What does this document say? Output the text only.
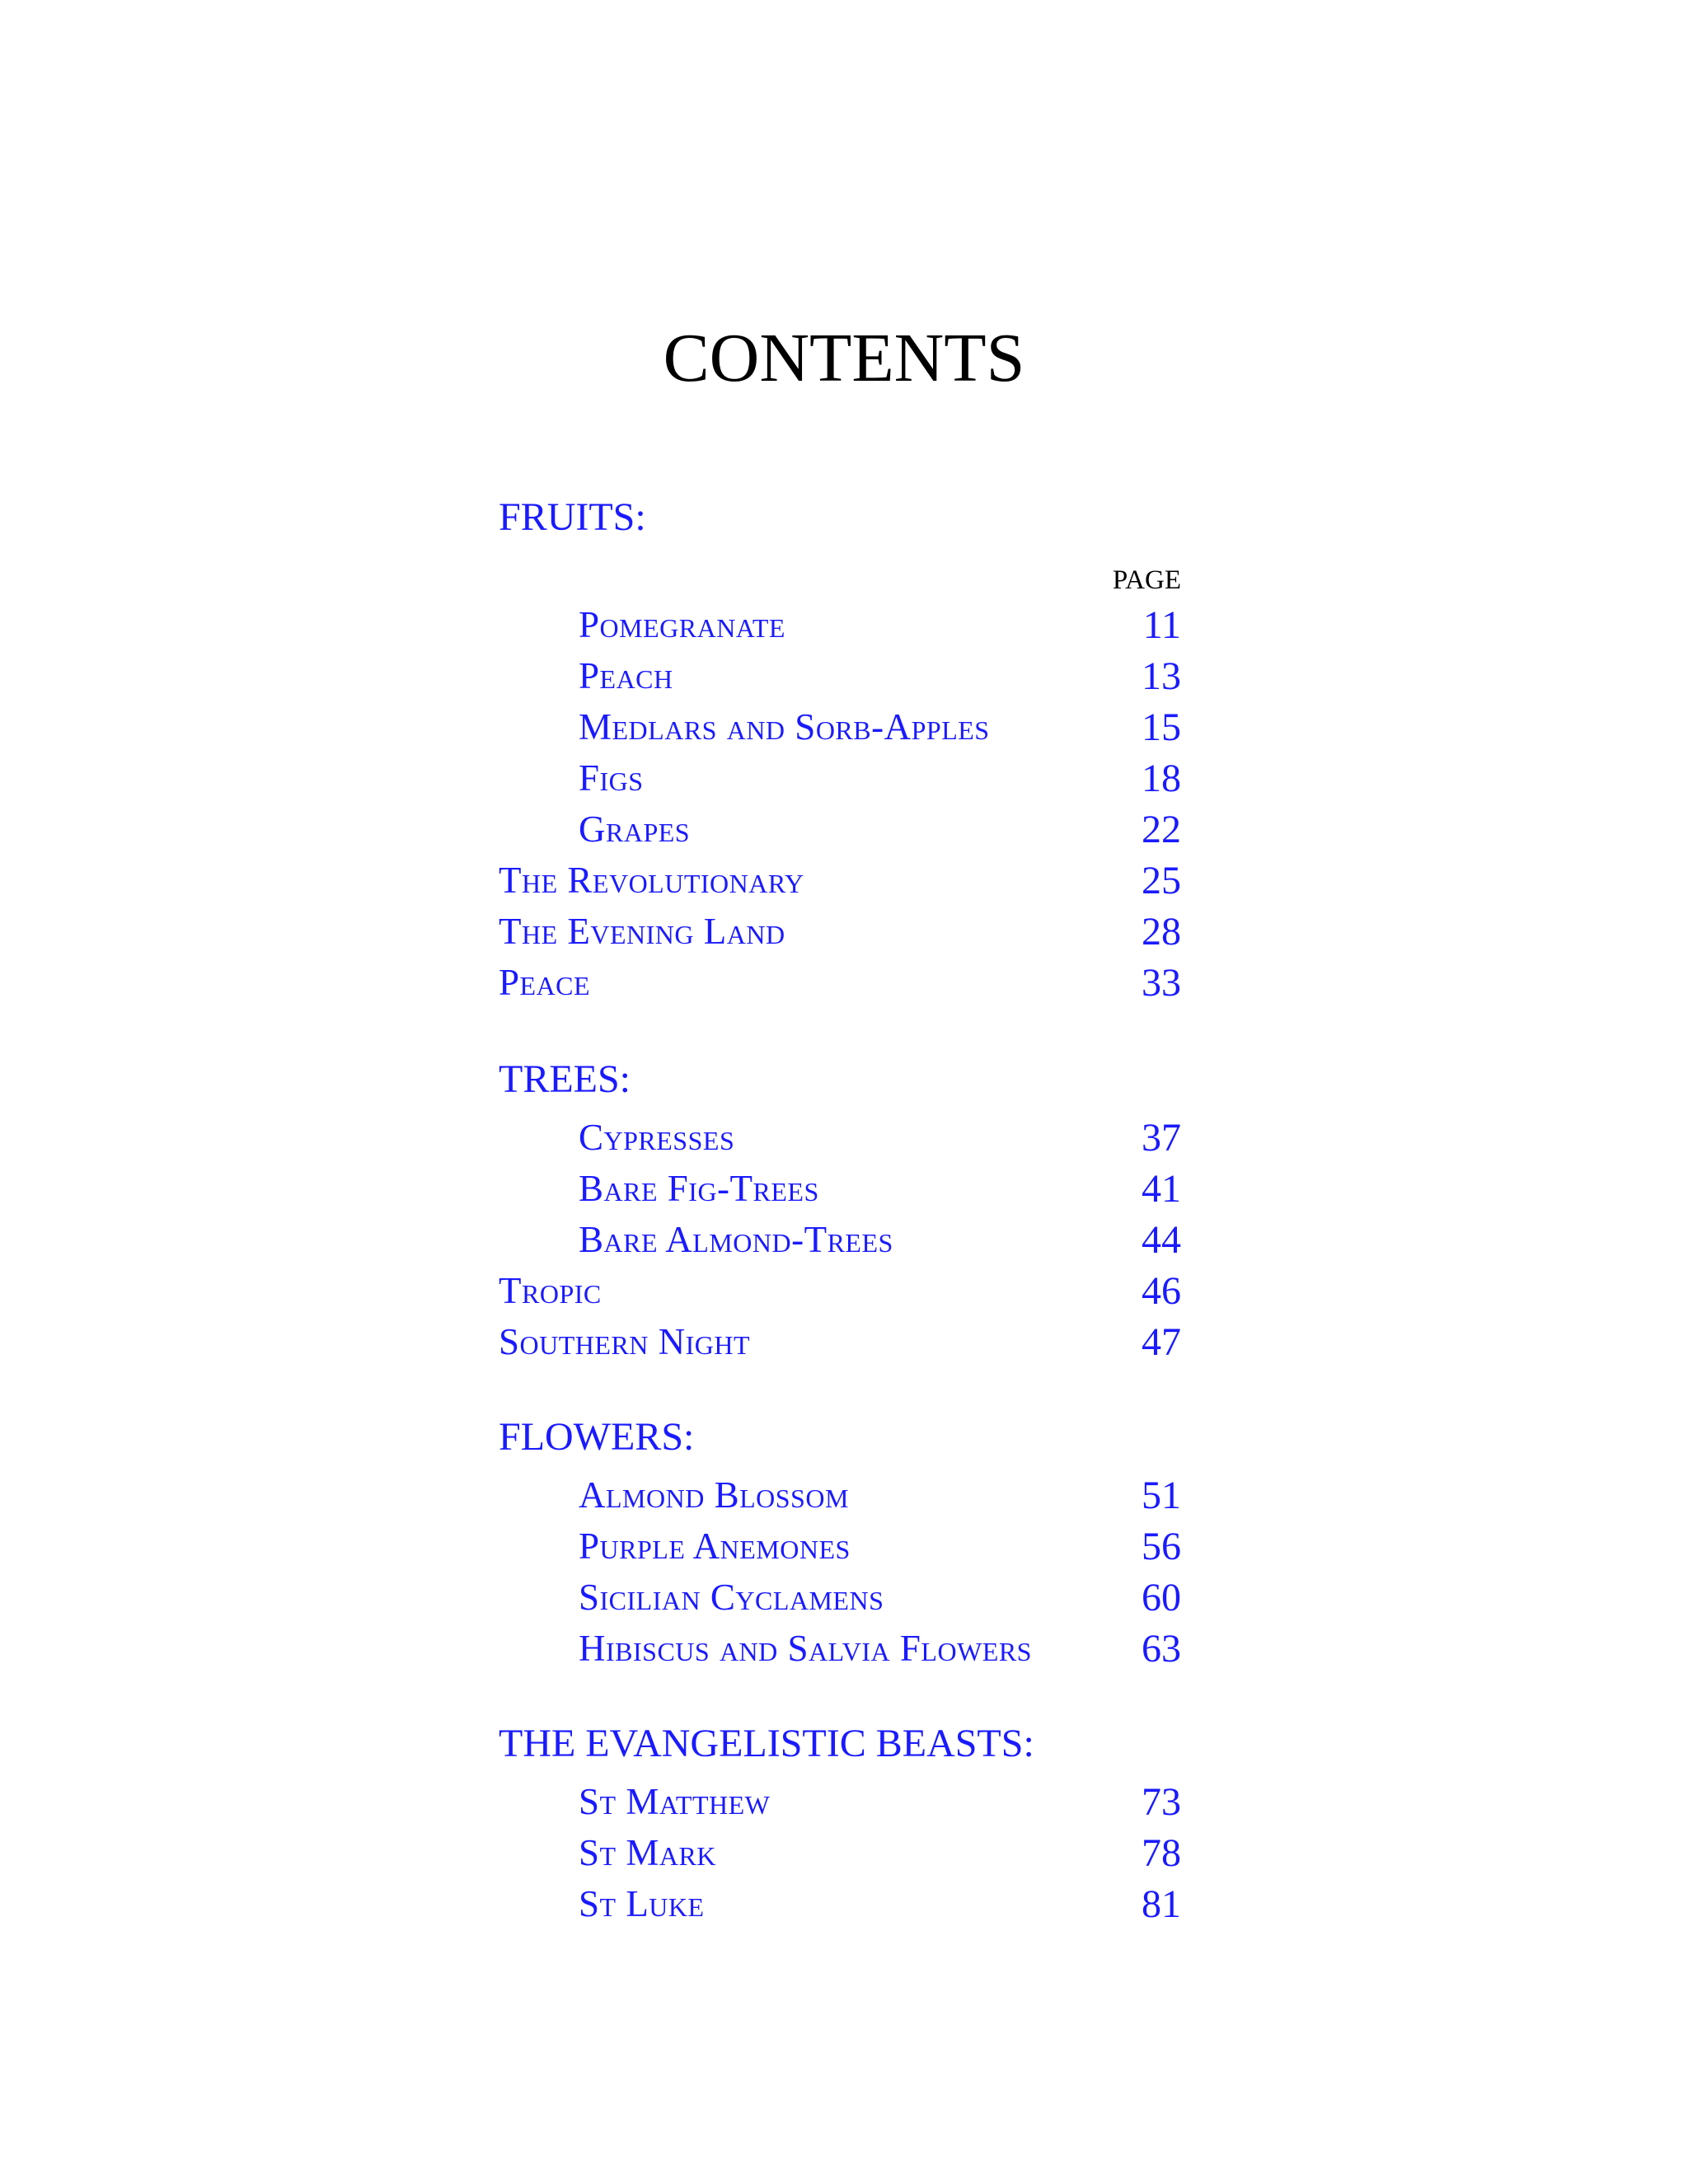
CONTENTS
FRUITS:
PAGE
Pomegranate	11
Peach	13
Medlars and Sorb-Apples	15
Figs	18
Grapes	22
The Revolutionary	25
The Evening Land	28
Peace	33
TREES:
Cypresses	37
Bare Fig-Trees	41
Bare Almond-Trees	44
Tropic	46
Southern Night	47
FLOWERS:
Almond Blossom	51
Purple Anemones	56
Sicilian Cyclamens	60
Hibiscus and Salvia Flowers	63
THE EVANGELISTIC BEASTS:
St Matthew	73
St Mark	78
St Luke	81
